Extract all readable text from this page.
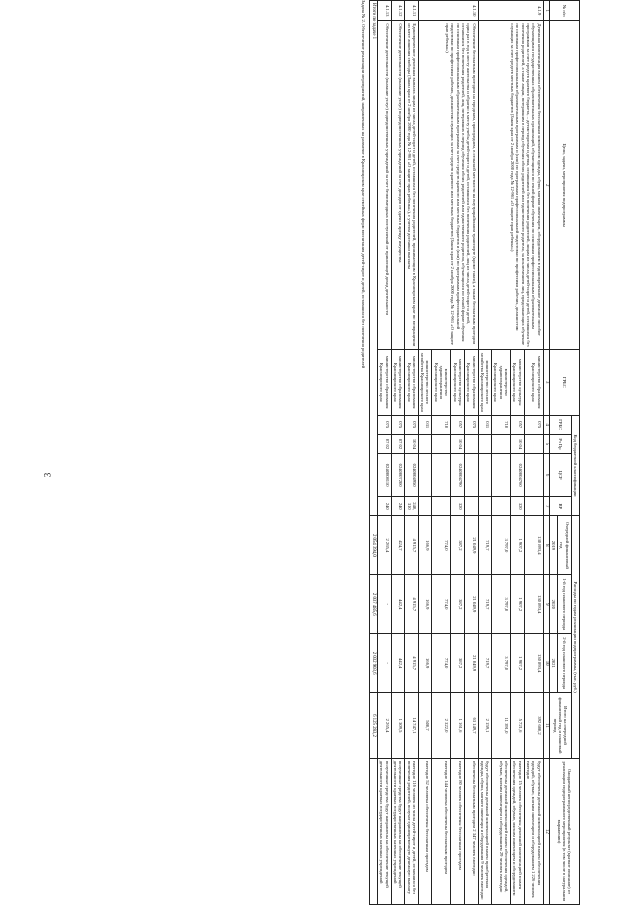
3
№ п/п	Цели, задачи, мероприятия подпрограммы	ГРБС	Код бюджетной классификации				Расходы по годам реализации подпрограммы, (тыс. руб.)				Ожидаемый непосредственный результат (краткое описание) от реализации подпрограммного мероприятия (в том числе в натуральном выражении)
			ГРБС	Рз Пр	ЦСР	ВР	Очередной финансовый год	1-й год планового периода	2-й год планового периода	Итого на очередной финансовый год и плановый период	
							2019	2020	2021		
1	2	3	4	5	6	7	8	9	10	11	12
4.1.9	Денежная компенсация взамен обеспечения бесплатным комплектом одежды, обуви, мягким инвентарем, оборудованием в единовременное денежное пособие обучающимся государственных образовательных организаций, обучающимся по очной форме обучения по основным профессиональным образовательным программам за счет средств краевого бюджета, – детям-сиротам и детям, оставшимся без попечения родителей, лицам из числа детей-сирот и детей, оставшихся без попечения родителей, а также лицам, потерявшим в период обучения обоих родителей или единственного родителя, за исключением лиц, продолжающих обучение по основным профессиональным образовательным программам и (или) по программам профессиональной подготовки по профессиям рабочих, должностям служащих за счет средств местных бюджетов (Закон края от 2 ноября 2000 года № 12-961 «О защите прав ребенка»)	министерство образования Красноярского края	075				130 893,4	130 893,4	130 893,4	392 680,2	будут обеспечены денежной компенсацией взамен обеспечения одеждой, обувью, мягким инвентарем и оборудованием 1 226 человек ежегодно
		министерство культуры Красноярского края	057	10 04	0240004760	320	1 907,2	1 907,2	1 907,2	5 721,6	ежегодно 15 человек обеспечены денежной компенсацией взамен обеспечения одеждой, обувью, мягким инвентарем и оборудованием
		министерство здравоохранения Красноярского края	710				3 797,0	3 797,0	3 797,0	11 391,0	обеспечены денежной компенсацией взамен обеспечения одеждой, обувью, мягким инвентарем и оборудованием 29 человек ежегодно
		министерство лесного хозяйства Красноярского края	031				719,7	719,7	719,7	2 159,1	будут обеспечены денежной компенсацией взамен приобретения одежды, обуви, мягкого инвентаря и оборудования 9 человек ежегодно
4.1.10	Обеспечение бесплатным проездом на городском, пригородном, в сельской местности на внутрирайонном транспорте (кроме такси), а также бесплатным проездом один раз в год к месту жительства и обратно к месту учебы детей-сирот и детей, оставшихся без попечения родителей, лиц из числа детей-сирот и детей, оставшихся без попечения родителей, лиц, потерявших в период обучения обоих родителей или единственного родителя, обучающихся по очной форме обучения по основным профессиональным образовательным программам за счет средств краевого или местных бюджетов и (или) по программам профессиональной подготовки по профессиям рабочих, должностям служащих за счет средств краевого или местных бюджетов (Закон края от 2 ноября 2000 года № 12-961 «О защите прав ребенка»)	министерство образования Красноярского края	075				21 049,9	21 049,9	21 049,9	63 149,7	обеспечены бесплатным проездом 2 347 человек ежегодно
		министерство культуры Красноярского края	057	10 04	0240004790	320	387,2	387,2	387,2	1 161,6	ежегодно 80 человек обеспечены бесплатным проездом
		министерство здравоохранения Красноярского края	710				774,0	774,0	774,0	2 322,0	ежегодно 144 человека обеспечены бесплатным проездом
		министерство лесного хозяйства Красноярского края	031				166,9	166,9	166,9	500,7	ежегодно 52 человека обеспечены бесплатным проездом
4.1.11	Единовременное денежная выплата лицам из числа детей-сирот и детей, оставшихся без попечения родителей, проживающим в Красноярском крае по возвращении из мест лишения свободы (Закон края от 2 ноября 2000 года № 12-961 «О защите прав ребенка»), с учетом доставки выплаты	министерство образования Красноярского края	075	10 04	0240004950	240, 310	4 915,7	4 915,7	4 915,7	14 747,1	ежегодно 116 человек из числа детей-сирот и детей, оставшихся без попечения родителей, получат единовременную денежную выплату
4.1.12	Обеспечение деятельности (оказание услуг) подведомственных учреждений за счет доходов от сдачи в аренду имущества	министерство образования Красноярского края	075	07 02	0240007200	240	424,7	442,4	442,4	1 309,5	полученные средства будут направлены на обеспечение текущей деятельности краевых государственных казенных учреждений
4.1.13	Обеспечение деятельности (оказание услуг) подведомственных учреждений за счет безвозмездных поступлений от приносящей доход деятельности	министерство образования Красноярского края	075	07 02	0240008110	240	2 265,4	-	-	2 265,4	полученные средства будут направлены на обеспечение текущей деятельности краевых государственных казенных учреждений
Итого по задаче 1							2 054 394,0	2 037 485,6	2 032 903,6	6 125 283,2	
Задача № 2. Обеспечение реализации мероприятий, направленных на развитие в Красноярском крае семейных форм воспитания детей-сирот и детей, оставшихся без попечения родителей
